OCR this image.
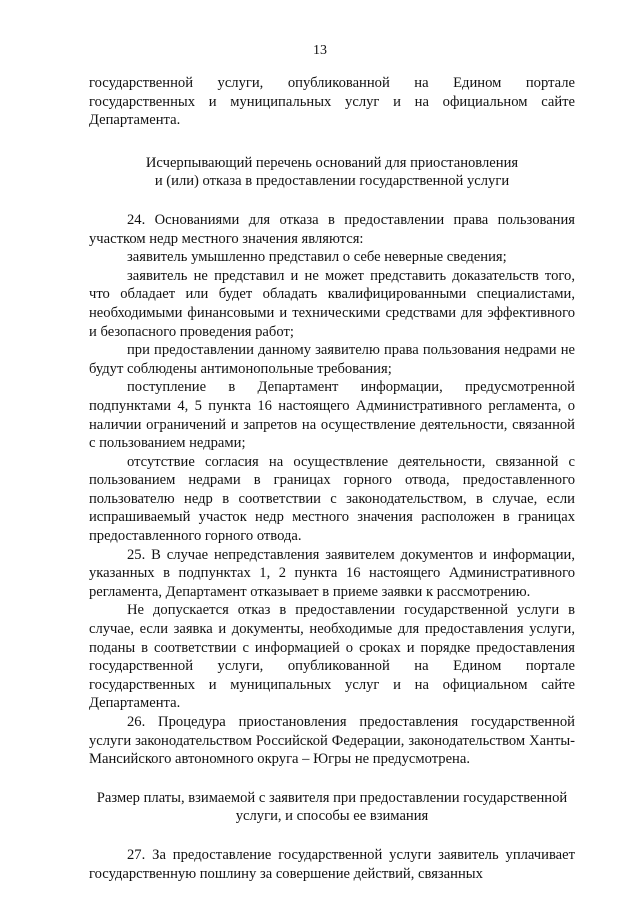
13

государственной услуги, опубликованной на Едином портале государственных и муниципальных услуг и на официальном сайте Департамента.

Исчерпывающий перечень оснований для приостановления
и (или) отказа в предоставлении государственной услуги

24. Основаниями для отказа в предоставлении права пользования участком недр местного значения являются:

заявитель умышленно представил о себе неверные сведения;

заявитель не представил и не может представить доказательств того, что обладает или будет обладать квалифицированными специалистами, необходимыми финансовыми и техническими средствами для эффективного и безопасного проведения работ;

при предоставлении данному заявителю права пользования недрами не будут соблюдены антимонопольные требования;

поступление в Департамент информации, предусмотренной подпунктами 4, 5 пункта 16 настоящего Административного регламента, о наличии ограничений и запретов на осуществление деятельности, связанной с пользованием недрами;

отсутствие согласия на осуществление деятельности, связанной с пользованием недрами в границах горного отвода, предоставленного пользователю недр в соответствии с законодательством, в случае, если испрашиваемый участок недр местного значения расположен в границах предоставленного горного отвода.

25. В случае непредставления заявителем документов и информации, указанных в подпунктах 1, 2 пункта 16 настоящего Административного регламента, Департамент отказывает в приеме заявки к рассмотрению.

Не допускается отказ в предоставлении государственной услуги в случае, если заявка и документы, необходимые для предоставления услуги, поданы в соответствии с информацией о сроках и порядке предоставления государственной услуги, опубликованной на Едином портале государственных и муниципальных услуг и на официальном сайте Департамента.

26. Процедура приостановления предоставления государственной услуги законодательством Российской Федерации, законодательством Ханты-Мансийского автономного округа – Югры не предусмотрена.

Размер платы, взимаемой с заявителя при предоставлении государственной
услуги, и способы ее взимания

27. За предоставление государственной услуги заявитель уплачивает государственную пошлину за совершение действий, связанных
